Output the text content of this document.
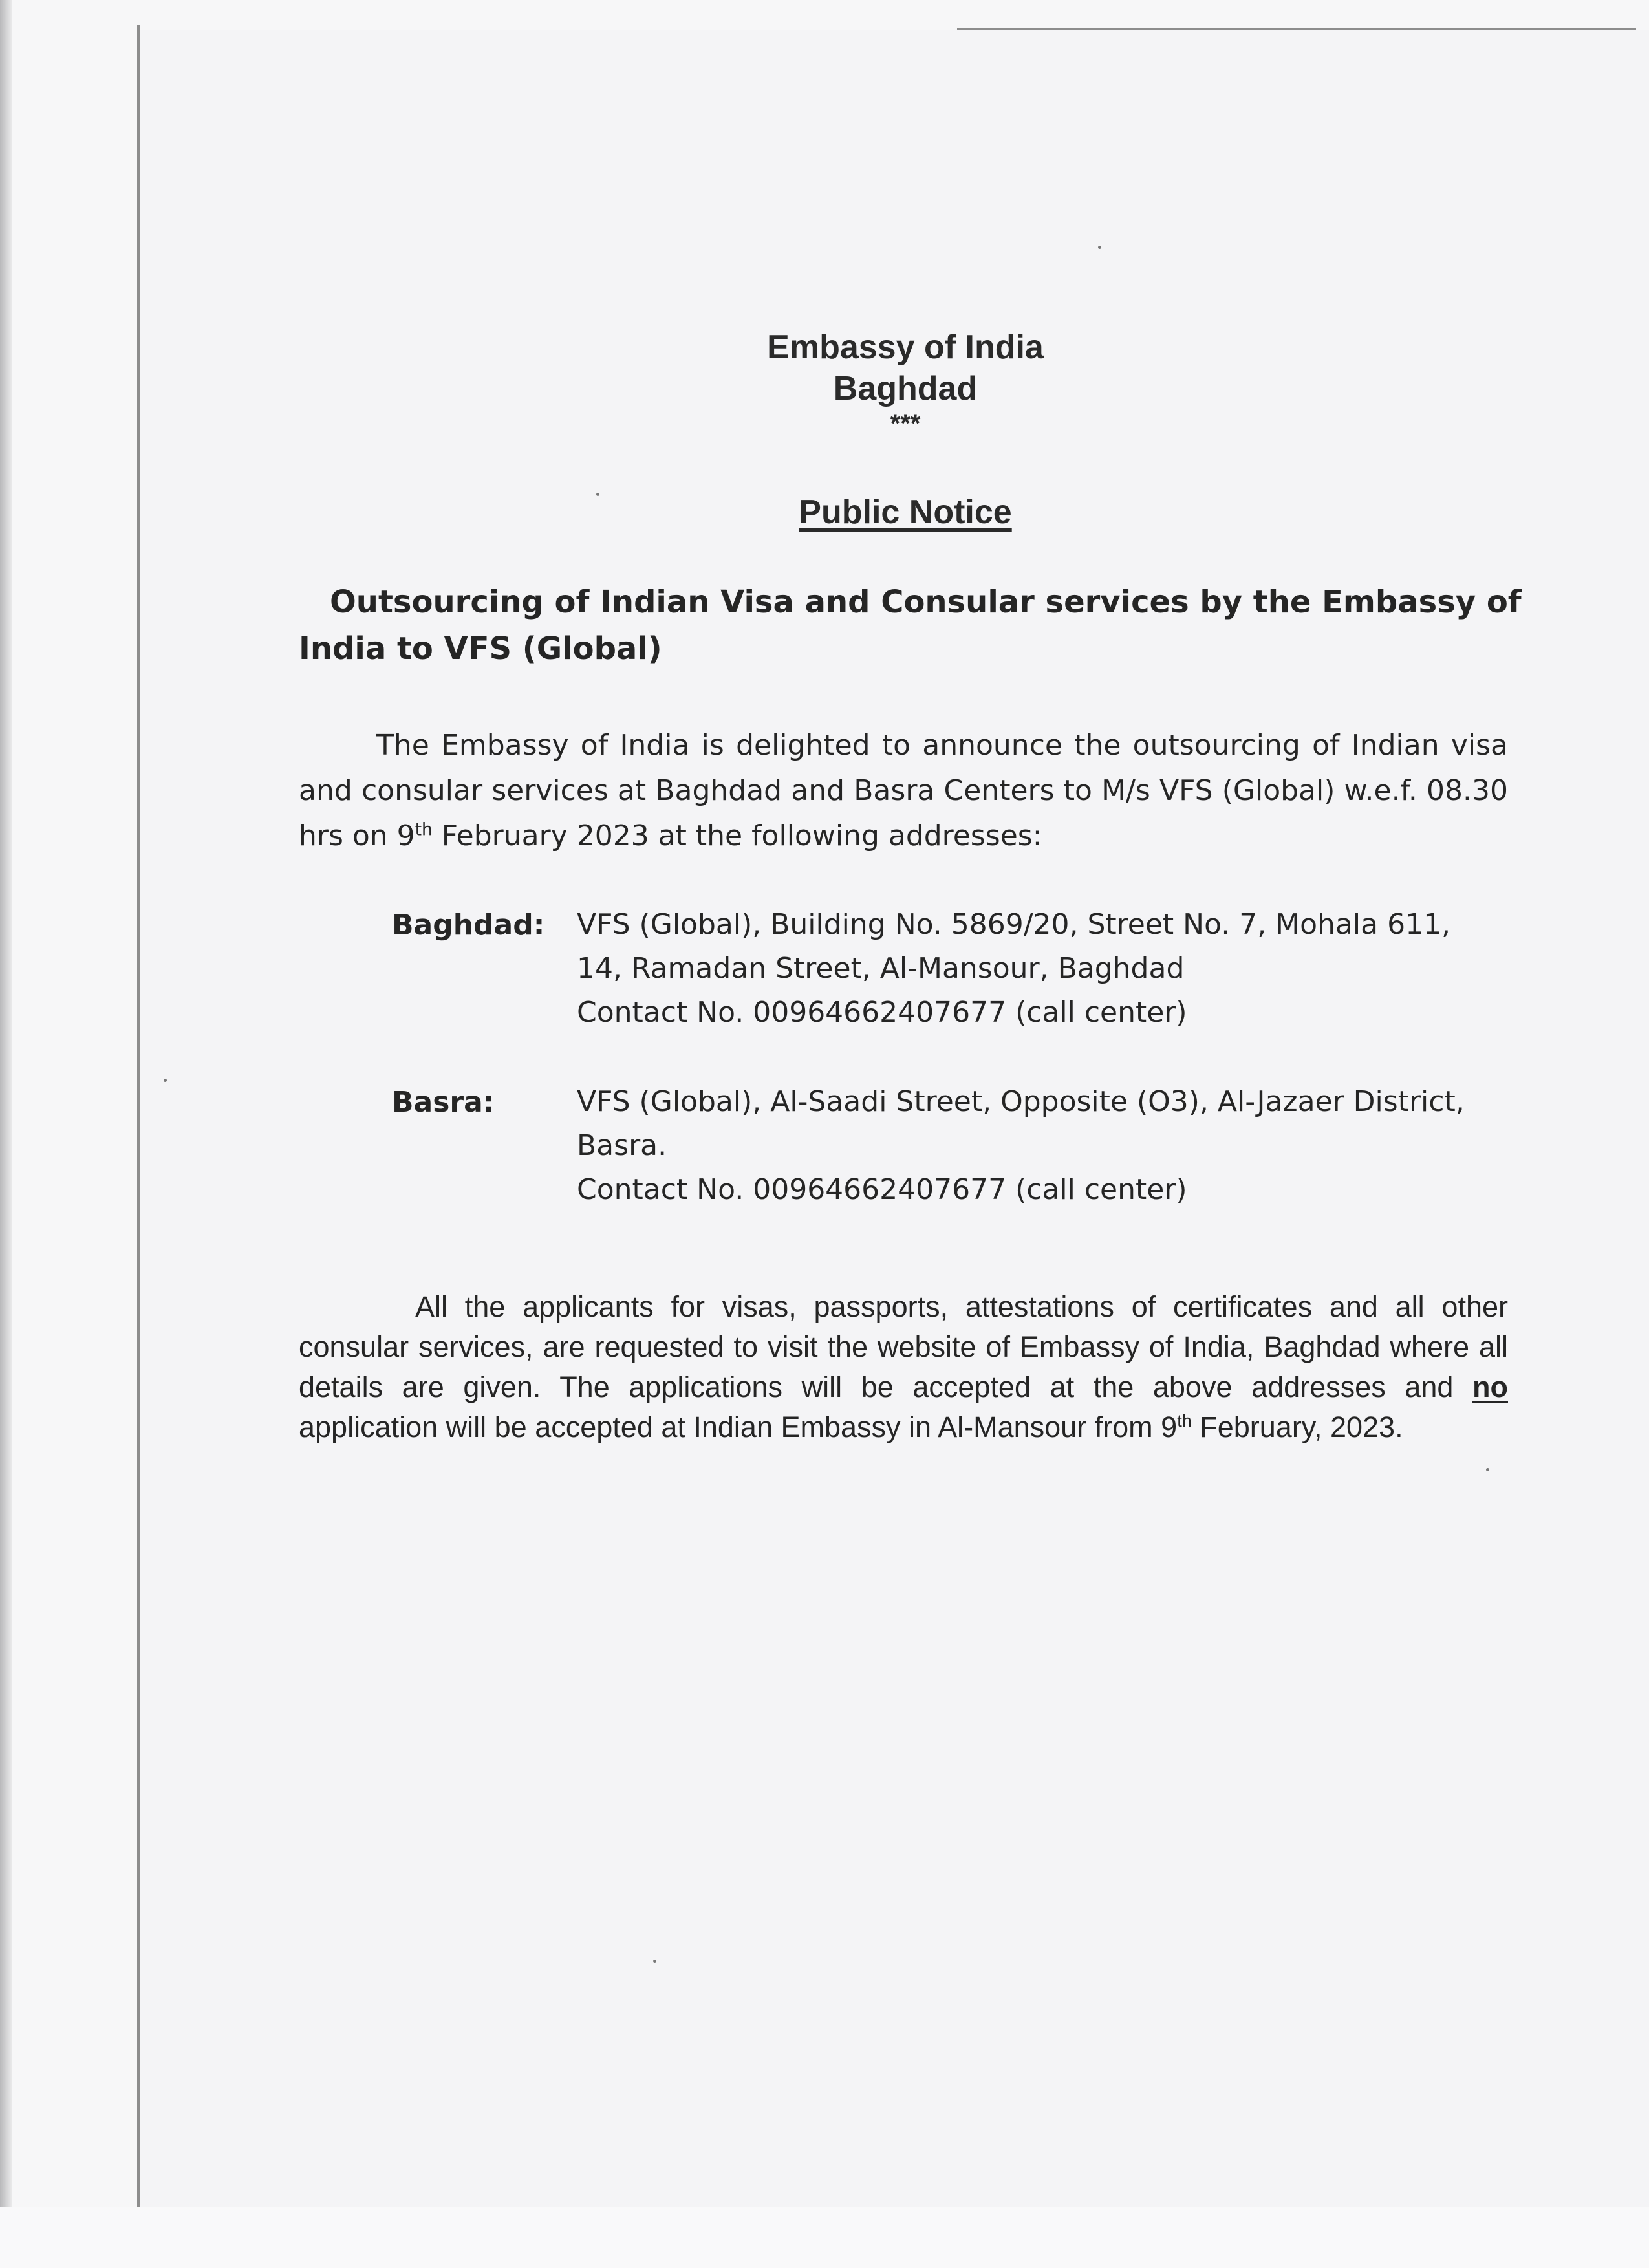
Embassy of India
Baghdad
***
Public Notice
Outsourcing of Indian Visa and Consular services by the Embassy of
India to VFS (Global)
The Embassy of India is delighted to announce the outsourcing of Indian visa and consular services at Baghdad and Basra Centers to M/s VFS (Global) w.e.f. 08.30 hrs on 9th February 2023 at the following addresses:
Baghdad: VFS (Global), Building No. 5869/20, Street No. 7, Mohala 611,
14, Ramadan Street, Al-Mansour, Baghdad
Contact No. 00964662407677 (call center)
Basra:	VFS (Global), Al-Saadi Street, Opposite (O3), Al-Jazaer District,
Basra.
Contact No. 00964662407677 (call center)
All the applicants for visas, passports, attestations of certificates and all other consular services, are requested to visit the website of Embassy of India, Baghdad where all details are given. The applications will be accepted at the above addresses and no application will be accepted at Indian Embassy in Al-Mansour from 9th February, 2023.
